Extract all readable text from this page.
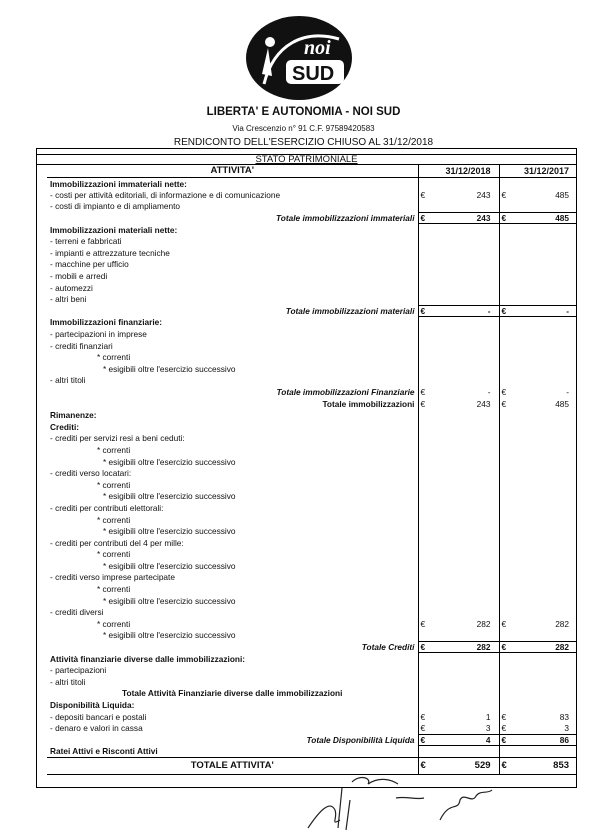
noi
SUD
LIBERTA' E AUTONOMIA - NOI SUD
Via Crescenzio n° 91 C.F. 97589420583
RENDICONTO DELL'ESERCIZIO CHIUSO AL 31/12/2018
STATO PATRIMONIALE
ATTIVITA'	31/12/2018		31/12/2017	
Immobilizzazioni immateriali nette:				
- costi per attività editoriali, di informazione e di comunicazione	€	243	€	485
- costi di impianto e di ampliamento				
Totale immobilizzazioni immateriali	€	243	€	485
Immobilizzazioni materiali nette:				
- terreni e fabbricati				
- impianti e attrezzature tecniche				
- macchine per ufficio				
- mobili e arredi				
- automezzi				
- altri beni				
Totale immobilizzazioni materiali	€	-	€	-
Immobilizzazioni finanziarie:				
- partecipazioni in imprese				
- crediti finanziari				
* correnti				
* esigibili oltre l'esercizio successivo				
- altri titoli				
Totale immobilizzazioni Finanziarie	€	-	€	-
Totale immobilizzazioni	€	243	€	485
Rimanenze:				
Crediti:				
- crediti per servizi resi a beni ceduti:				
* correnti				
* esigibili oltre l'esercizio successivo				
- crediti verso locatari:				
* correnti				
* esigibili oltre l'esercizio successivo				
- crediti per contributi elettorali:				
* correnti				
* esigibili oltre l'esercizio successivo				
- crediti per contributi del 4 per mille:				
* correnti				
* esigibili oltre l'esercizio successivo				
- crediti verso imprese partecipate				
* correnti				
* esigibili oltre l'esercizio successivo				
- crediti diversi				
* correnti	€	282	€	282
* esigibili oltre l'esercizio successivo				
Totale Crediti	€	282	€	282
Attività finanziarie diverse dalle immobilizzazioni:				
- partecipazioni				
- altri titoli				
Totale Attività Finanziarie diverse dalle immobilizzazioni				
Disponibilità Liquida:				
- depositi bancari e postali	€	1	€	83
- denaro e valori in cassa	€	3	€	3
Totale Disponibilità Liquida	€	4	€	86
Ratei Attivi e Risconti Attivi				
TOTALE ATTIVITA'	€	529	€	853
